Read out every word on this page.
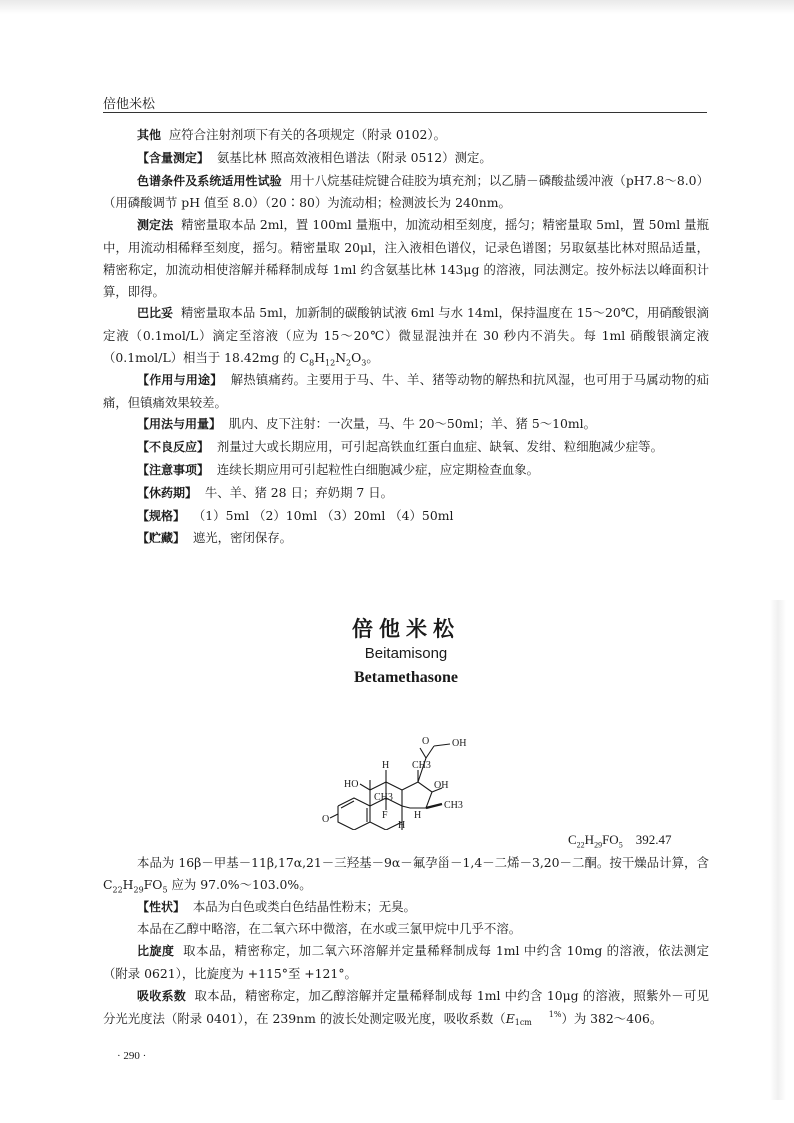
倍他米松

其他 应符合注射剂项下有关的各项规定（附录 0102）。

【含量测定】 氨基比林 照高效液相色谱法（附录 0512）测定。

色谱条件及系统适用性试验 用十八烷基硅烷键合硅胶为填充剂；以乙腈－磷酸盐缓冲液（pH7.8～8.0）（用磷酸调节 pH 值至 8.0）（20∶80）为流动相；检测波长为 240nm。

测定法 精密量取本品 2ml，置 100ml 量瓶中，加流动相至刻度，摇匀；精密量取 5ml，置 50ml 量瓶中，用流动相稀释至刻度，摇匀。精密量取 20μl，注入液相色谱仪，记录色谱图；另取氨基比林对照品适量，精密称定，加流动相使溶解并稀释制成每 1ml 约含氨基比林 143μg 的溶液，同法测定。按外标法以峰面积计算，即得。

巴比妥 精密量取本品 5ml，加新制的碳酸钠试液 6ml 与水 14ml，保持温度在 15～20℃，用硝酸银滴定液（0.1mol/L）滴定至溶液（应为 15～20℃）微显混浊并在 30 秒内不消失。每 1ml 硝酸银滴定液（0.1mol/L）相当于 18.42mg 的 $C_8H_{12}N_2O_3$。

【作用与用途】 解热镇痛药。主要用于马、牛、羊、猪等动物的解热和抗风湿，也可用于马属动物的疝痛，但镇痛效果较差。

【用法与用量】 肌内、皮下注射：一次量，马、牛 20～50ml；羊、猪 5～10ml。

【不良反应】 剂量过大或长期应用，可引起高铁血红蛋白血症、缺氧、发绀、粒细胞减少症等。

【注意事项】 连续长期应用可引起粒性白细胞减少症，应定期检查血象。

【休药期】 牛、羊、猪 28 日；弃奶期 7 日。

【规格】 （1）5ml （2）10ml （3）20ml （4）50ml

【贮藏】 遮光，密闭保存。

倍他米松

Beitamisong

Betamethasone

O OH
H
HO
CH3
OH
CH3
CH3
H
F
H
O
$C_{22}H_{29}FO_5$ 392.47

本品为 16β－甲基－11β,17α,21－三羟基－9α－氟孕甾－1,4－二烯－3,20－二酮。按干燥品计算，含 $C_{22}H_{29}FO_5$ 应为 97.0%～103.0%。

【性状】 本品为白色或类白色结晶性粉末；无臭。

本品在乙醇中略溶，在二氧六环中微溶，在水或三氯甲烷中几乎不溶。

比旋度 取本品，精密称定，加二氧六环溶解并定量稀释制成每 1ml 中约含 10mg 的溶液，依法测定（附录 0621），比旋度为 +115°至 +121°。

吸收系数 取本品，精密称定，加乙醇溶解并定量稀释制成每 1ml 中约含 10μg 的溶液，照紫外－可见分光光度法（附录 0401），在 239nm 的波长处测定吸光度，吸收系数（E	1%
1cm ）为 382～406。

· 290 ·
